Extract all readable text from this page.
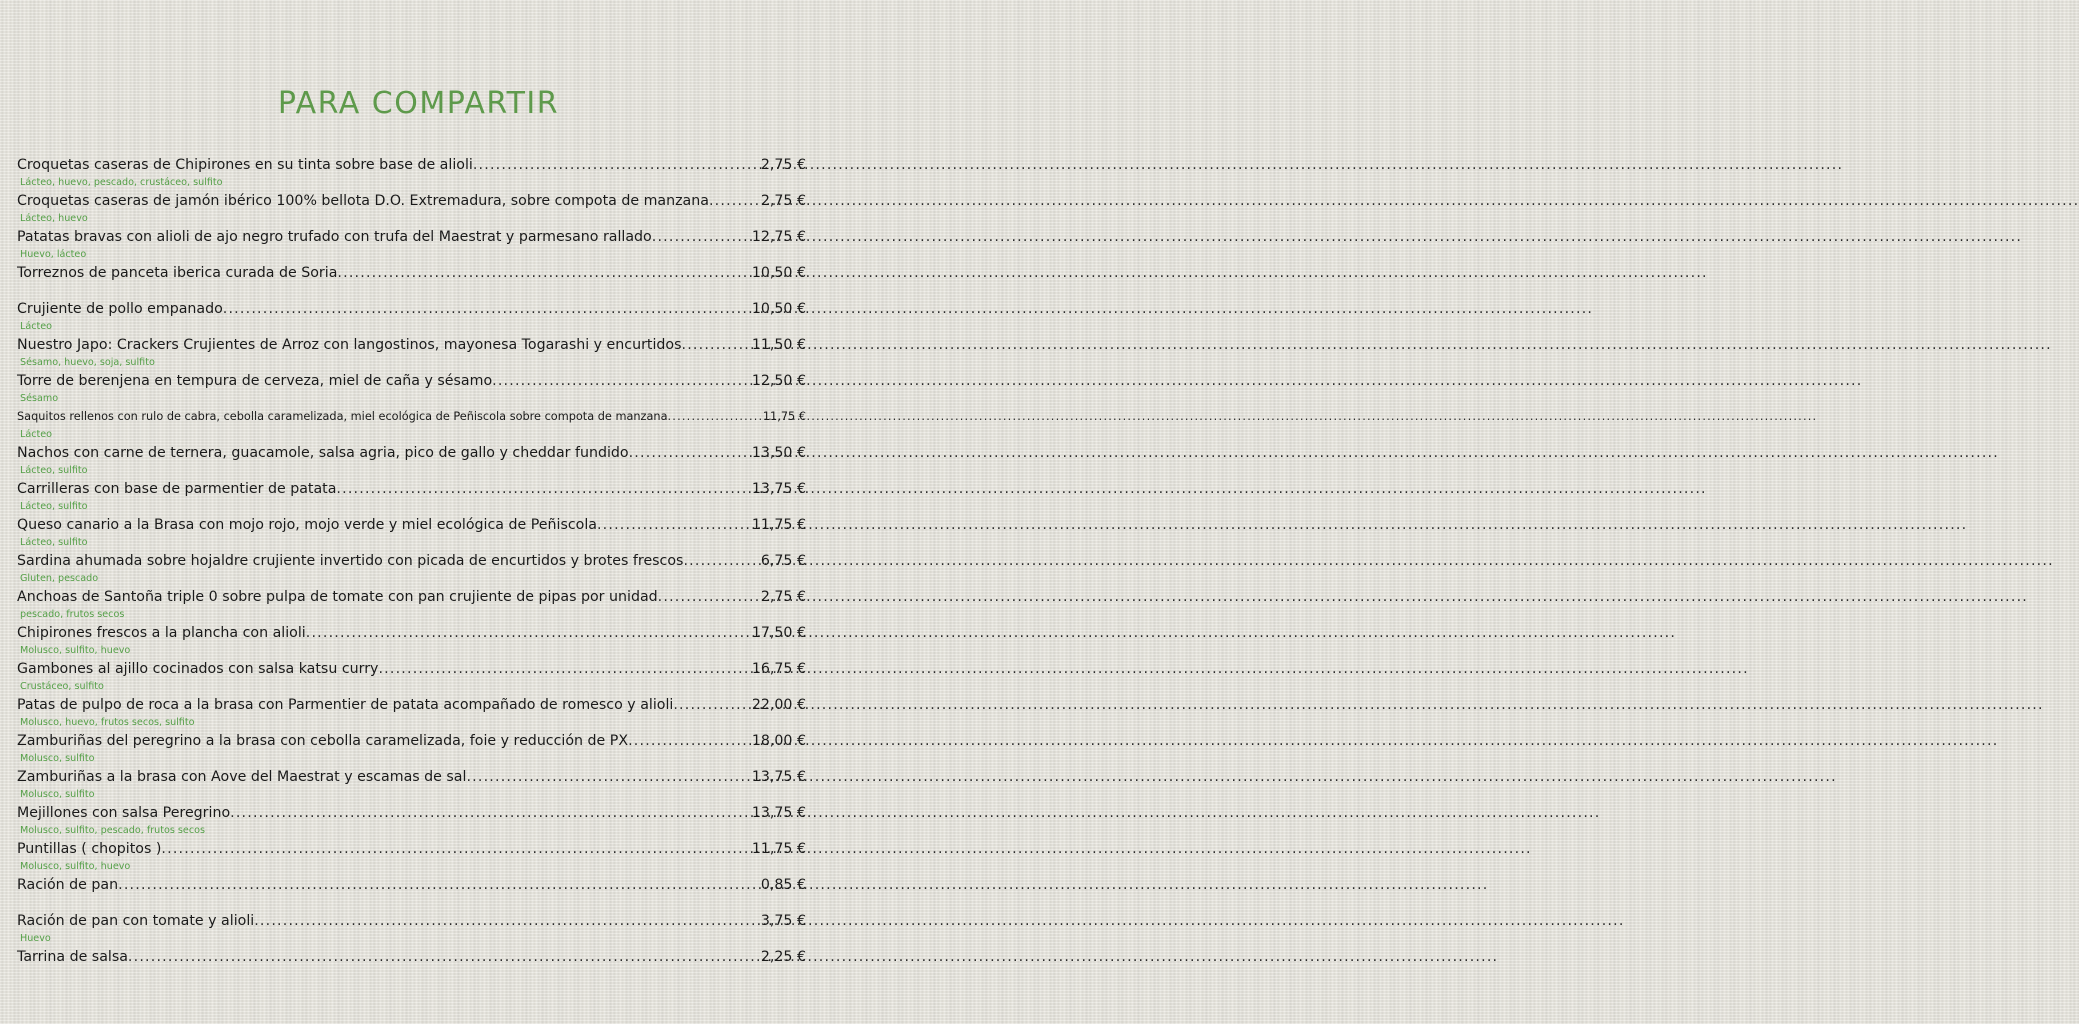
PARA COMPARTIR
Croquetas caseras de Chipirones en su tinta sobre base de alioli .....	2,75 €
Lácteo, huevo, pescado, crustáceo, sulfito
Croquetas caseras de jamón ibérico 100% bellota D.O. Extremadura, sobre compota de manzana .....	2,75 €
Lácteo, huevo
Patatas bravas con alioli de ajo negro trufado con trufa del Maestrat y parmesano rallado .....	12,75 €
Huevo, lácteo
Torreznos de panceta iberica curada de Soria .....	10,50 €
Crujiente de pollo empanado .....	10,50 €
Lácteo
Nuestro Japo: Crackers Crujientes de Arroz con langostinos, mayonesa Togarashi y encurtidos .....	11,50 €
Sésamo, huevo, soja, sulfito
Torre de berenjena en tempura de cerveza, miel de caña y sésamo .....	12,50 €
Sésamo
Saquitos rellenos con rulo de cabra, cebolla caramelizada, miel ecológica de Peñiscola sobre compota de manzana .....	11,75 €
Lácteo
Nachos con carne de ternera, guacamole, salsa agria, pico de gallo y cheddar fundido .....	13,50 €
Lácteo, sulfito
Carrilleras con base de parmentier de patata .....	13,75 €
Lácteo, sulfito
Queso canario a la Brasa con mojo rojo, mojo verde y miel ecológica de Peñiscola .....	11,75 €
Lácteo, sulfito
Sardina ahumada sobre hojaldre crujiente invertido con picada de encurtidos y brotes frescos .....	6,75 €
Gluten, pescado
Anchoas de Santoña triple 0 sobre pulpa de tomate con pan crujiente de pipas por unidad .....	2,75 €
pescado, frutos secos
Chipirones frescos a la plancha con alioli .....	17,50 €
Molusco, sulfito, huevo
Gambones al ajillo cocinados con salsa katsu curry .....	16,75 €
Crustáceo, sulfito
Patas de pulpo de roca a la brasa con Parmentier de patata acompañado de romesco y alioli .....	22,00 €
Molusco, huevo, frutos secos, sulfito
Zamburiñas del peregrino a la brasa con cebolla caramelizada, foie y reducción de PX .....	18,00 €
Molusco, sulfito
Zamburiñas a la brasa con Aove del Maestrat y escamas de sal .....	13,75 €
Molusco, sulfito
Mejillones con salsa Peregrino .....	13,75 €
Molusco, sulfito, pescado, frutos secos
Puntillas ( chopitos ) .....	11,75 €
Molusco, sulfito, huevo
Ración de pan .....	0,85 €
Ración de pan con tomate y alioli .....	3,75 €
Huevo
Tarrina de salsa .....	2,25 €
